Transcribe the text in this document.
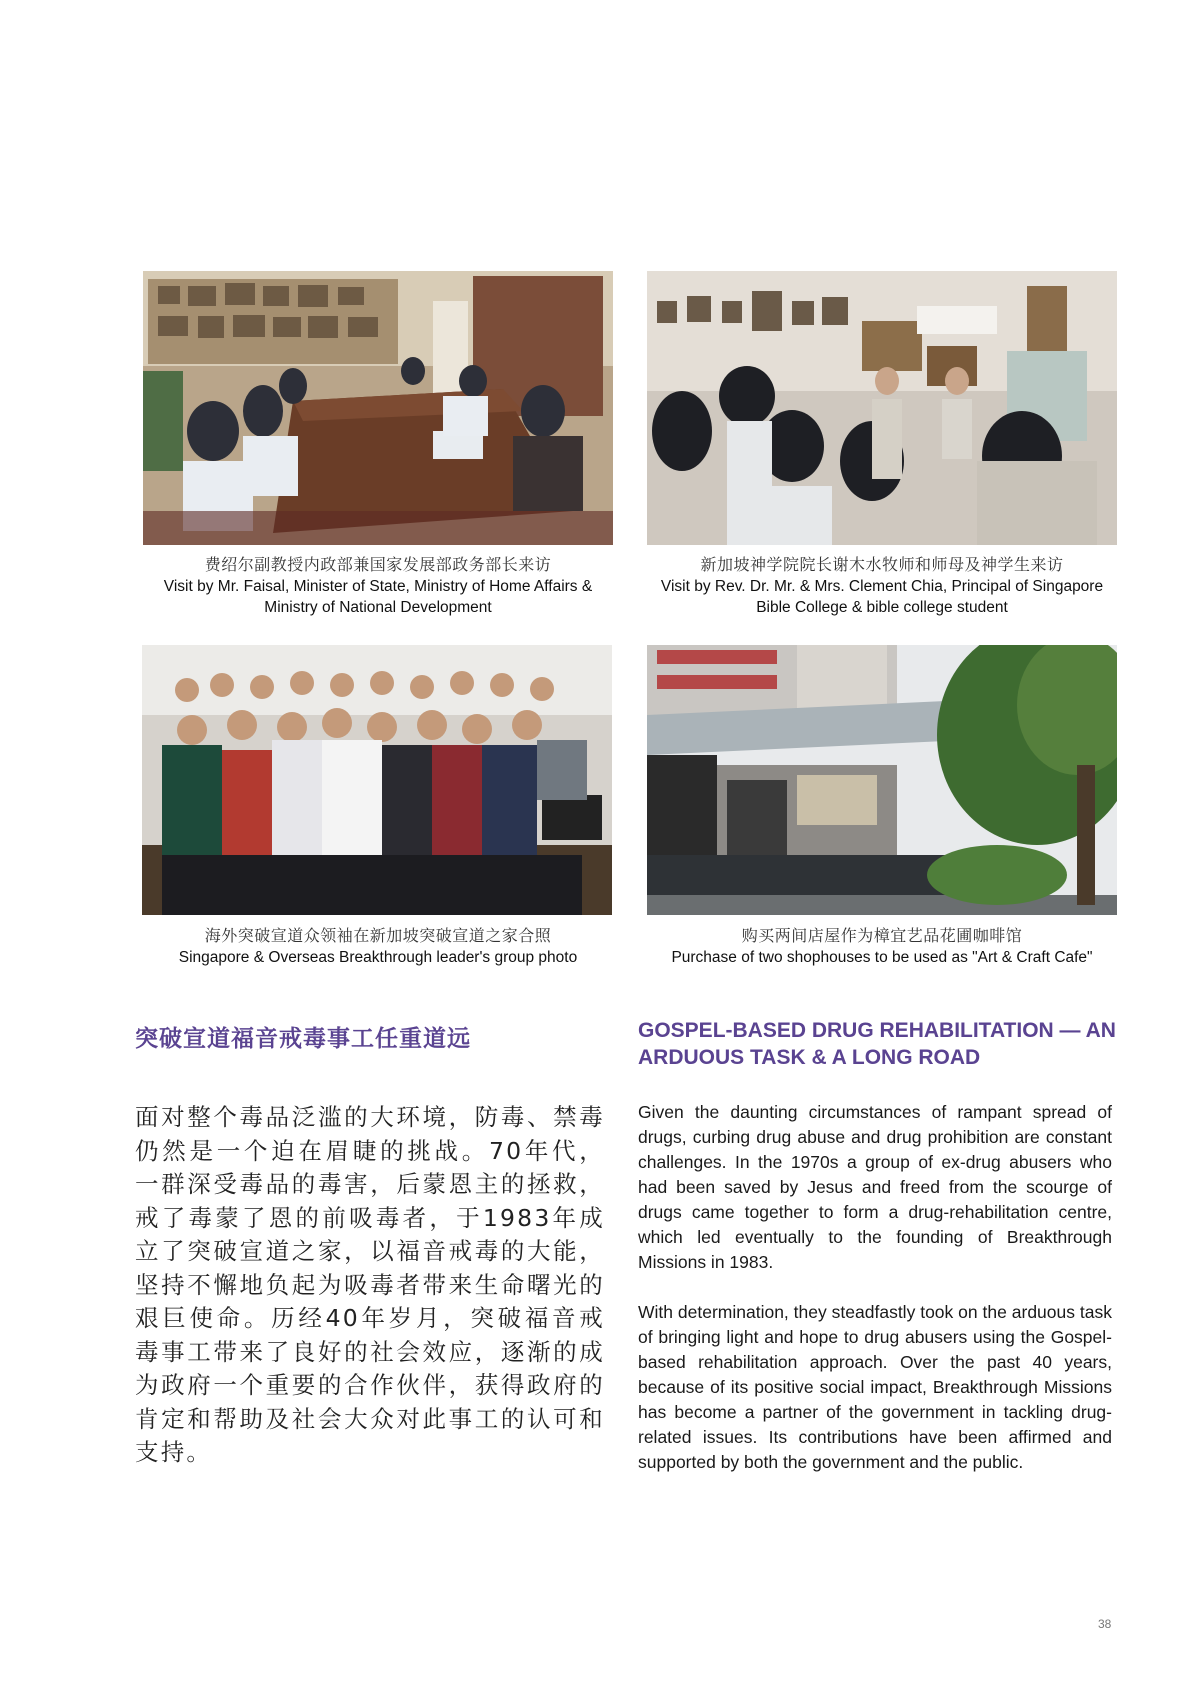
费绍尔副教授内政部兼国家发展部政务部长来访
Visit by Mr. Faisal, Minister of State, Ministry of Home Affairs & Ministry of National Development
新加坡神学院院长谢木水牧师和师母及神学生来访
Visit by Rev. Dr. Mr. & Mrs. Clement Chia, Principal of Singapore Bible College & bible college student
海外突破宣道众领袖在新加坡突破宣道之家合照
Singapore & Overseas Breakthrough leader's group photo
购买两间店屋作为樟宜艺品花圃咖啡馆
Purchase of two shophouses to be used as "Art & Craft Cafe"
突破宣道福音戒毒事工任重道远	GOSPEL-BASED DRUG REHABILITATION — AN ARDUOUS TASK & A LONG ROAD

面对整个毒品泛滥的大环境，防毒、禁毒仍然是一个迫在眉睫的挑战。70年代，一群深受毒品的毒害，后蒙恩主的拯救，戒了毒蒙了恩的前吸毒者，于1983年成立了突破宣道之家，以福音戒毒的大能，坚持不懈地负起为吸毒者带来生命曙光的艰巨使命。历经40年岁月，突破福音戒毒事工带来了良好的社会效应，逐渐的成为政府一个重要的合作伙伴，获得政府的肯定和帮助及社会大众对此事工的认可和支持。

Given the daunting circumstances of rampant spread of drugs, curbing drug abuse and drug prohibition are constant challenges. In the 1970s a group of ex-drug abusers who had been saved by Jesus and freed from the scourge of drugs came together to form a drug-rehabilitation centre, which led eventually to the founding of Breakthrough Missions in 1983.

With determination, they steadfastly took on the arduous task of bringing light and hope to drug abusers using the Gospel-based rehabilitation approach. Over the past 40 years, because of its positive social impact, Breakthrough Missions has become a partner of the government in tackling drug-related issues. Its contributions have been affirmed and supported by both the government and the public.

38
